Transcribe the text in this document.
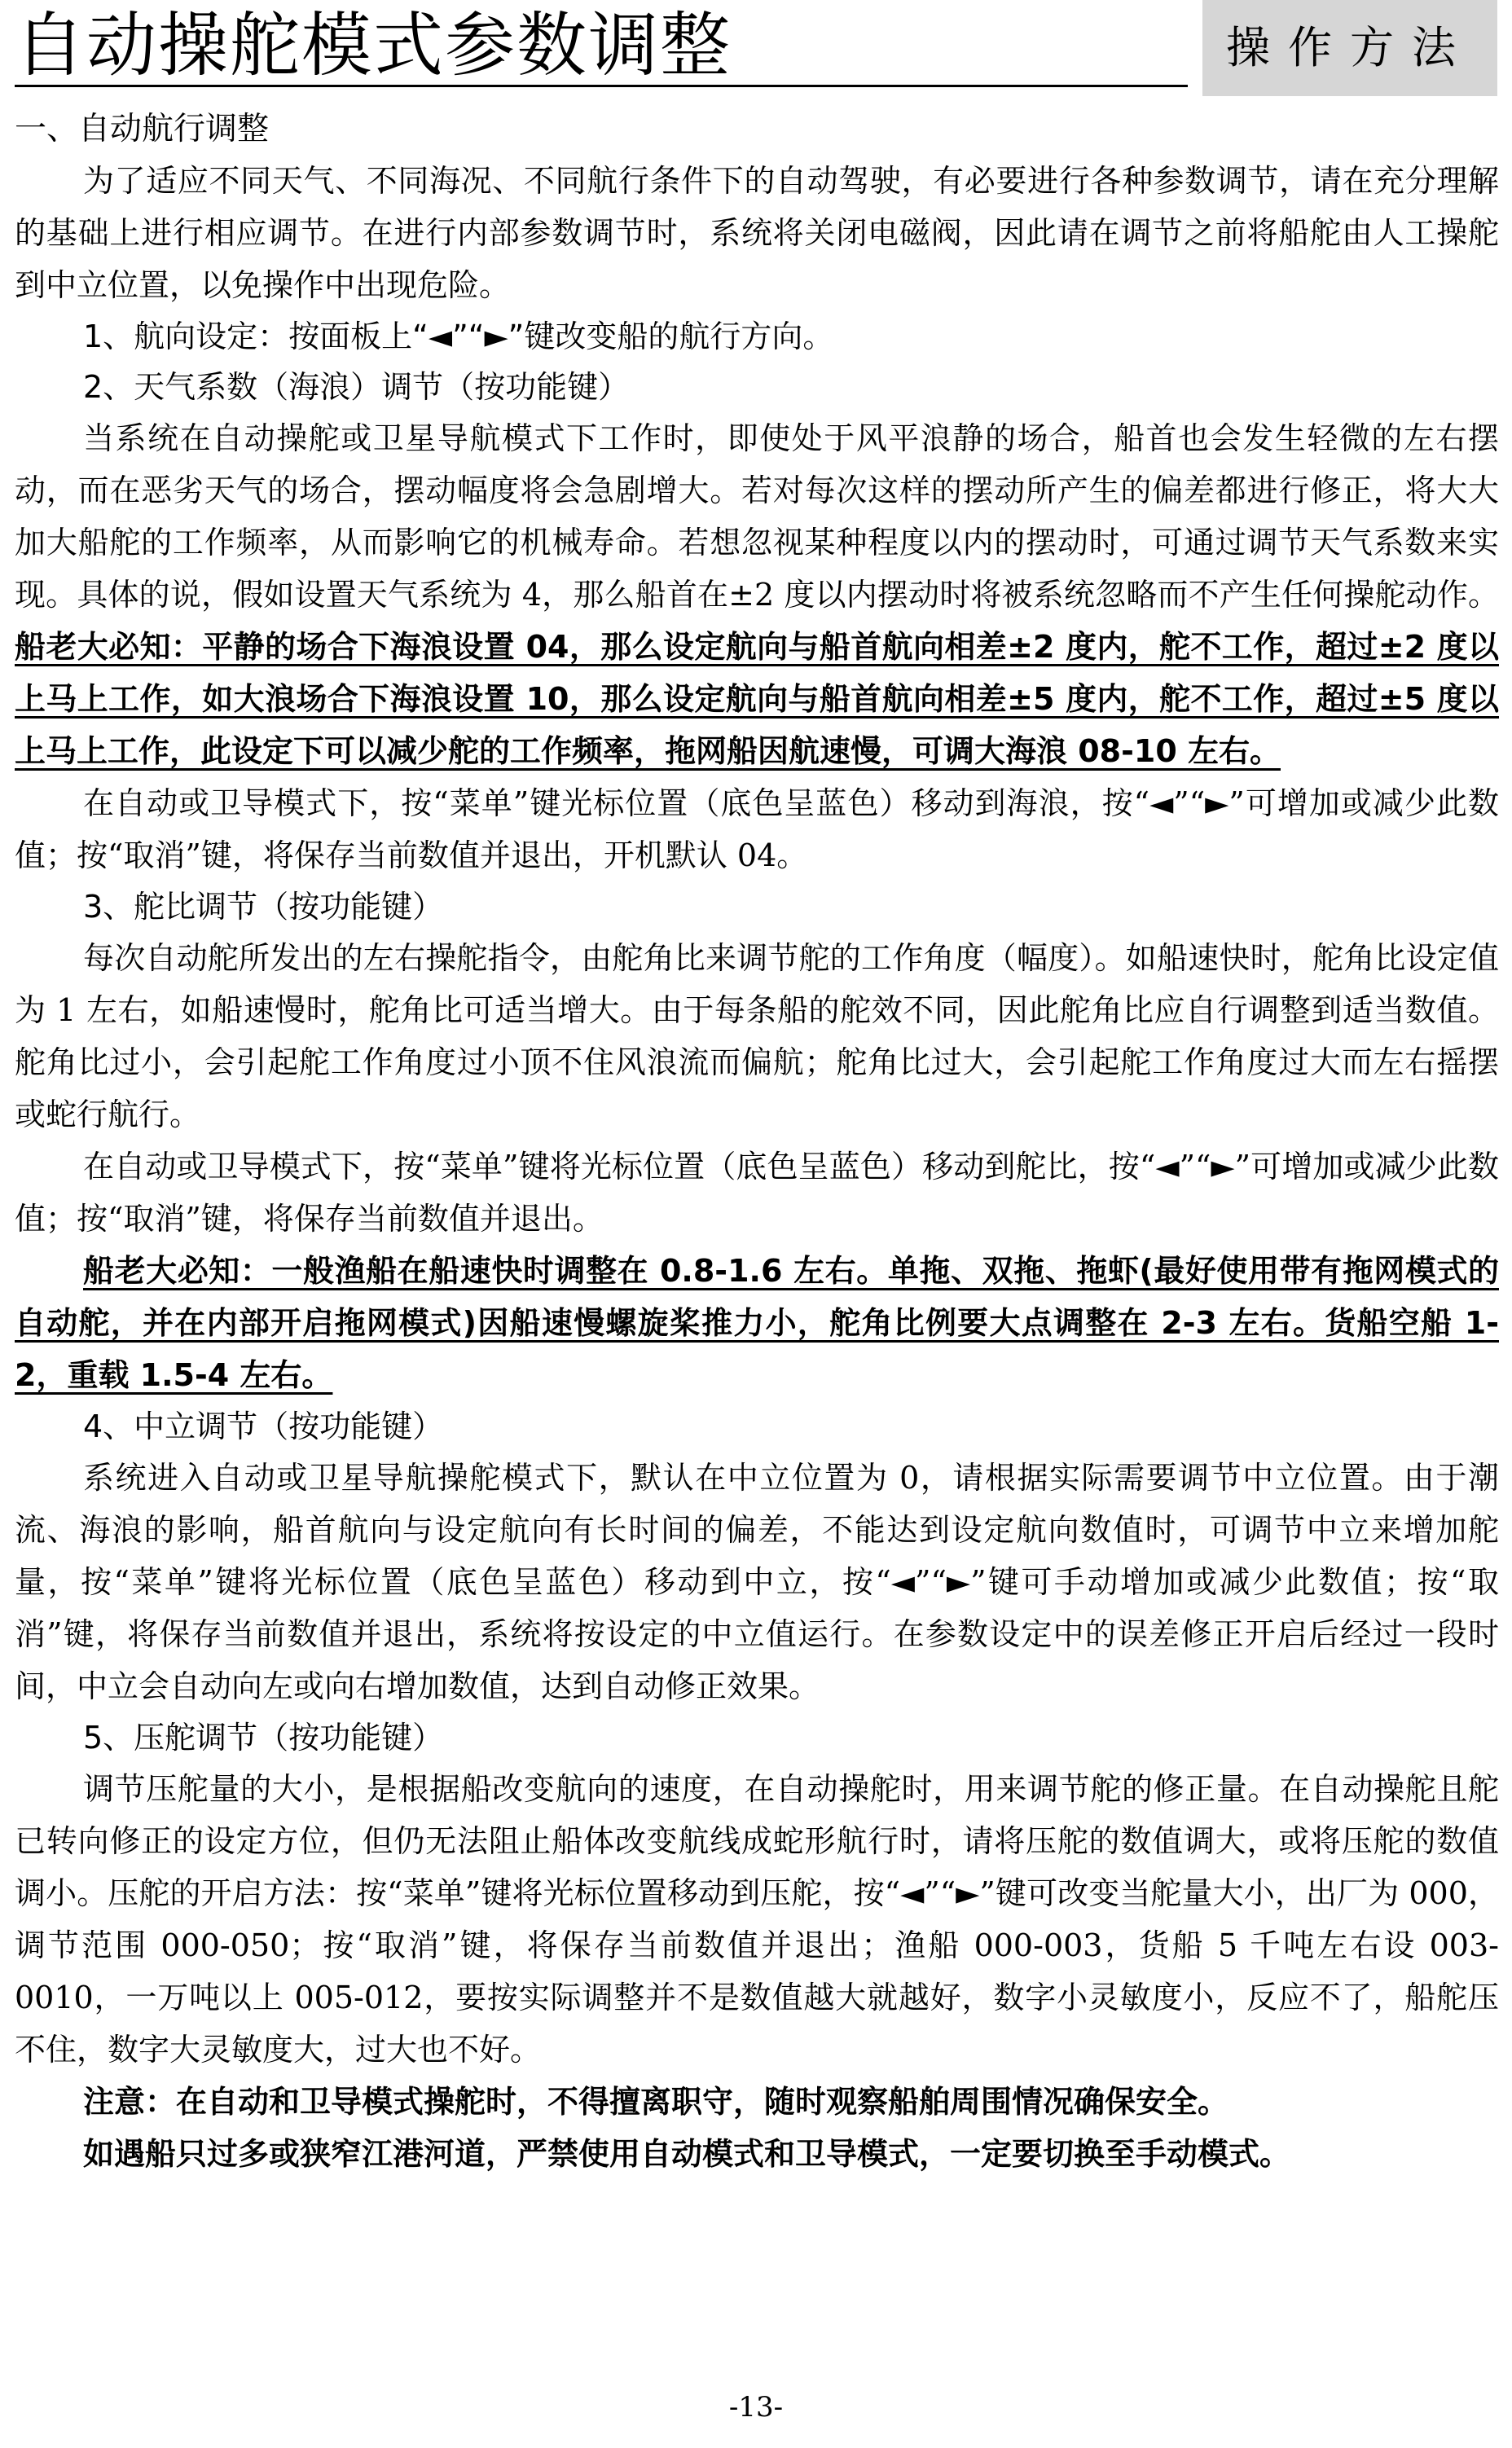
自动操舵模式参数调整	操作方法
一、自动航行调整

为了适应不同天气、不同海况、不同航行条件下的自动驾驶，有必要进行各种参数调节，请在充分理解的基础上进行相应调节。在进行内部参数调节时，系统将关闭电磁阀，因此请在调节之前将船舵由人工操舵到中立位置，以免操作中出现危险。

1、航向设定：按面板上“◄”“►”键改变船的航行方向。
2、天气系数（海浪）调节（按功能键）

当系统在自动操舵或卫星导航模式下工作时，即使处于风平浪静的场合，船首也会发生轻微的左右摆动，而在恶劣天气的场合，摆动幅度将会急剧增大。若对每次这样的摆动所产生的偏差都进行修正，将大大加大船舵的工作频率，从而影响它的机械寿命。若想忽视某种程度以内的摆动时，可通过调节天气系数来实现。具体的说，假如设置天气系统为 4，那么船首在±2 度以内摆动时将被系统忽略而不产生任何操舵动作。船老大必知：平静的场合下海浪设置 04，那么设定航向与船首航向相差±2 度内，舵不工作，超过±2 度以上马上工作，如大浪场合下海浪设置 10，那么设定航向与船首航向相差±5 度内，舵不工作，超过±5 度以上马上工作，此设定下可以减少舵的工作频率，拖网船因航速慢，可调大海浪 08-10 左右。

在自动或卫导模式下，按“菜单”键光标位置（底色呈蓝色）移动到海浪，按“◄”“►”可增加或减少此数值；按“取消”键，将保存当前数值并退出，开机默认 04。

3、舵比调节（按功能键）

每次自动舵所发出的左右操舵指令，由舵角比来调节舵的工作角度（幅度）。如船速快时，舵角比设定值为 1 左右，如船速慢时，舵角比可适当增大。由于每条船的舵效不同，因此舵角比应自行调整到适当数值。舵角比过小，会引起舵工作角度过小顶不住风浪流而偏航；舵角比过大，会引起舵工作角度过大而左右摇摆或蛇行航行。

在自动或卫导模式下，按“菜单”键将光标位置（底色呈蓝色）移动到舵比，按“◄”“►”可增加或减少此数值；按“取消”键，将保存当前数值并退出。

船老大必知：一般渔船在船速快时调整在 0.8-1.6 左右。单拖、双拖、拖虾(最好使用带有拖网模式的自动舵，并在内部开启拖网模式)因船速慢螺旋桨推力小，舵角比例要大点调整在 2-3 左右。货船空船 1-2，重载 1.5-4 左右。

4、中立调节（按功能键）

系统进入自动或卫星导航操舵模式下，默认在中立位置为 0，请根据实际需要调节中立位置。由于潮流、海浪的影响，船首航向与设定航向有长时间的偏差，不能达到设定航向数值时，可调节中立来增加舵量，按“菜单”键将光标位置（底色呈蓝色）移动到中立，按“◄”“►”键可手动增加或减少此数值；按“取消”键，将保存当前数值并退出，系统将按设定的中立值运行。在参数设定中的误差修正开启后经过一段时间，中立会自动向左或向右增加数值，达到自动修正效果。

5、压舵调节（按功能键）

调节压舵量的大小，是根据船改变航向的速度，在自动操舵时，用来调节舵的修正量。在自动操舵且舵已转向修正的设定方位，但仍无法阻止船体改变航线成蛇形航行时，请将压舵的数值调大，或将压舵的数值调小。压舵的开启方法：按“菜单”键将光标位置移动到压舵，按“◄”“►”键可改变当舵量大小，出厂为 000，调节范围 000-050；按“取消”键，将保存当前数值并退出；渔船 000-003，货船 5 千吨左右设 003-0010，一万吨以上 005-012，要按实际调整并不是数值越大就越好，数字小灵敏度小，反应不了，船舵压不住，数字大灵敏度大，过大也不好。

注意：在自动和卫导模式操舵时，不得擅离职守，随时观察船舶周围情况确保安全。
如遇船只过多或狭窄江港河道，严禁使用自动模式和卫导模式，一定要切换至手动模式。
-13-
